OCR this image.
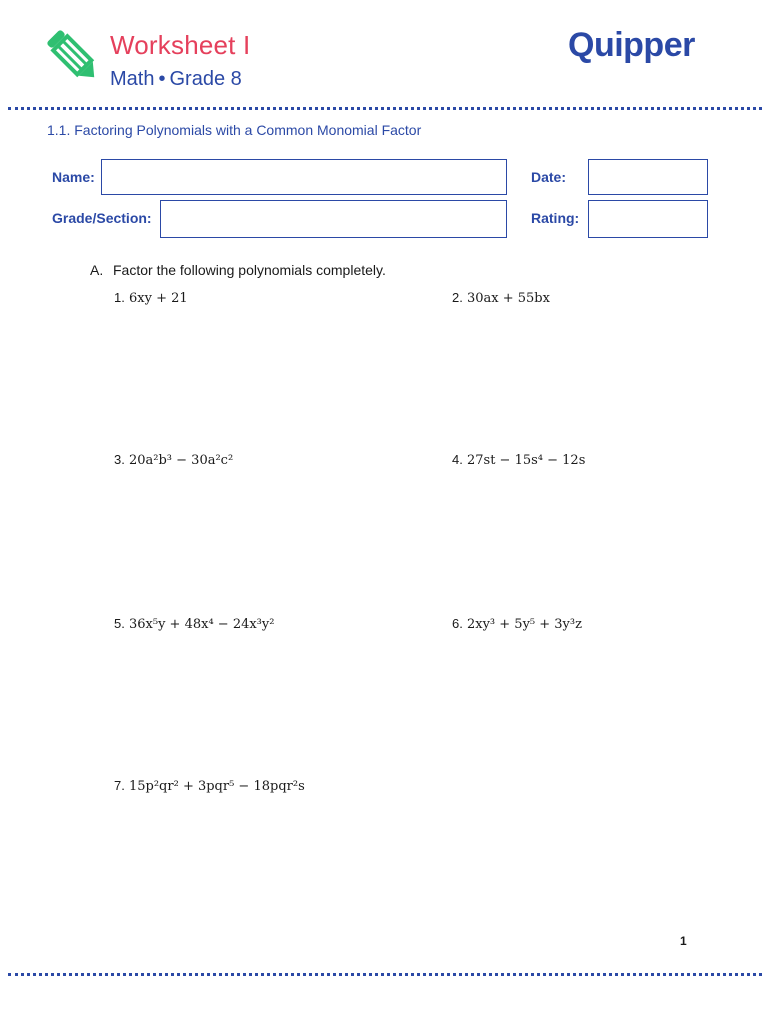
Worksheet I
Math • Grade 8
Quipper
1.1. Factoring Polynomials with a Common Monomial Factor
Name:	Date:
Grade/Section:	Rating:
A. Factor the following polynomials completely.
1. 6xy + 21	2. 30ax + 55bx
3. 20a²b³ − 30a²c²	4. 27st − 15s⁴ − 12s
5. 36x⁵y + 48x⁴ − 24x³y²	6. 2xy³ + 5y⁵ + 3y³z
7. 15p²qr² + 3pqr⁵ − 18pqr²s
1
